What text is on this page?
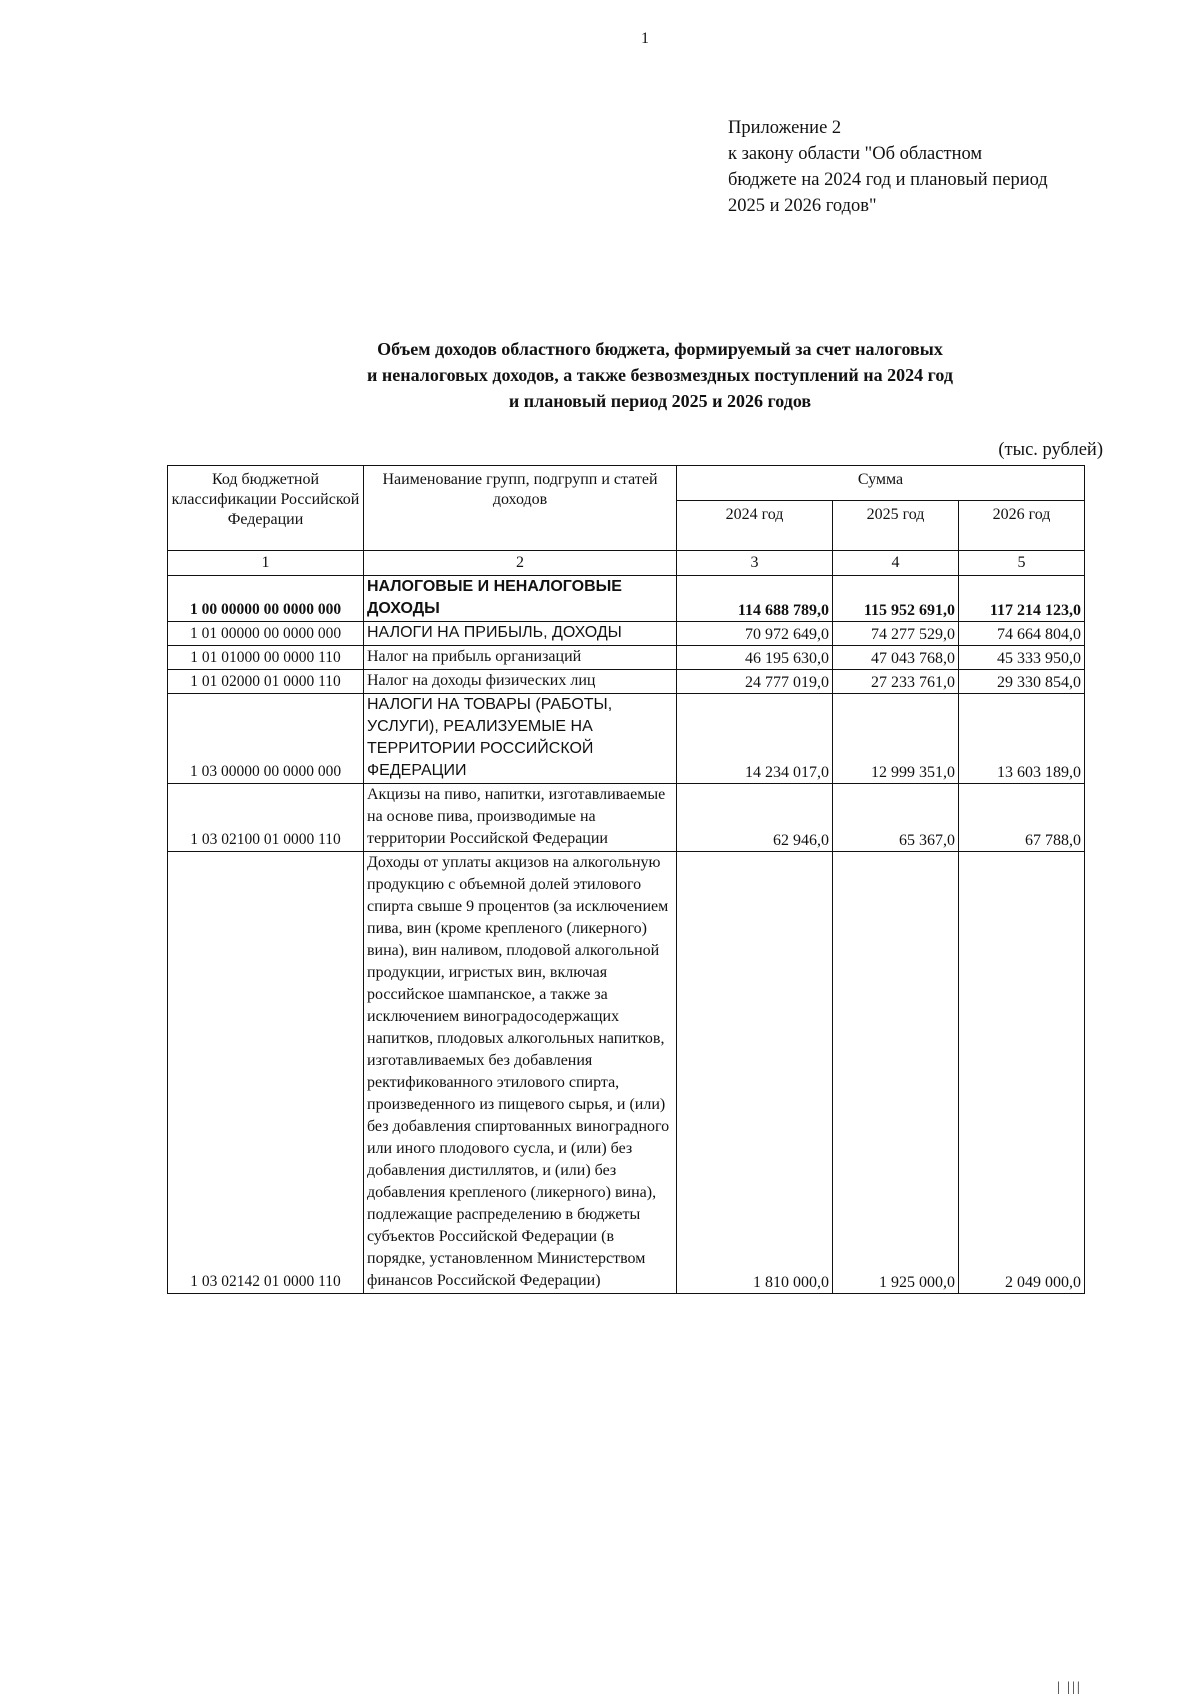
1
Приложение 2
к закону области "Об областном
бюджете на 2024 год и плановый период
2025 и 2026 годов"
Объем доходов областного бюджета, формируемый за счет налоговых
и неналоговых доходов, а также безвозмездных поступлений на 2024 год
и плановый период 2025 и 2026 годов
(тыс. рублей)
Код бюджетной классификации Российской Федерации	Наименование групп, подгрупп и статей доходов	Сумма		
		2024 год	2025 год	2026 год
1	2	3	4	5
1 00 00000 00 0000 000	НАЛОГОВЫЕ И НЕНАЛОГОВЫЕ ДОХОДЫ	114 688 789,0	115 952 691,0	117 214 123,0
1 01 00000 00 0000 000	НАЛОГИ НА ПРИБЫЛЬ, ДОХОДЫ	70 972 649,0	74 277 529,0	74 664 804,0
1 01 01000 00 0000 110	Налог на прибыль организаций	46 195 630,0	47 043 768,0	45 333 950,0
1 01 02000 01 0000 110	Налог на доходы физических лиц	24 777 019,0	27 233 761,0	29 330 854,0
1 03 00000 00 0000 000	НАЛОГИ НА ТОВАРЫ (РАБОТЫ, УСЛУГИ), РЕАЛИЗУЕМЫЕ НА ТЕРРИТОРИИ РОССИЙСКОЙ ФЕДЕРАЦИИ	14 234 017,0	12 999 351,0	13 603 189,0
1 03 02100 01 0000 110	Акцизы на пиво, напитки, изготавливаемые на основе пива, производимые на территории Российской Федерации	62 946,0	65 367,0	67 788,0
1 03 02142 01 0000 110	Доходы от уплаты акцизов на алкогольную продукцию с объемной долей этилового спирта свыше 9 процентов (за исключением пива, вин (кроме крепленого (ликерного) вина), вин наливом, плодовой алкогольной продукции, игристых вин, включая российское шампанское, а также за исключением виноградосодержащих напитков, плодовых алкогольных напитков, изготавливаемых без добавления ректификованного этилового спирта, произведенного из пищевого сырья, и (или) без добавления спиртованных виноградного или иного плодового сусла, и (или) без добавления дистиллятов, и (или) без добавления крепленого (ликерного) вина), подлежащие распределению в бюджеты субъектов Российской Федерации (в порядке, установленном Министерством финансов Российской Федерации)	1 810 000,0	1 925 000,0	2 049 000,0
| |||
